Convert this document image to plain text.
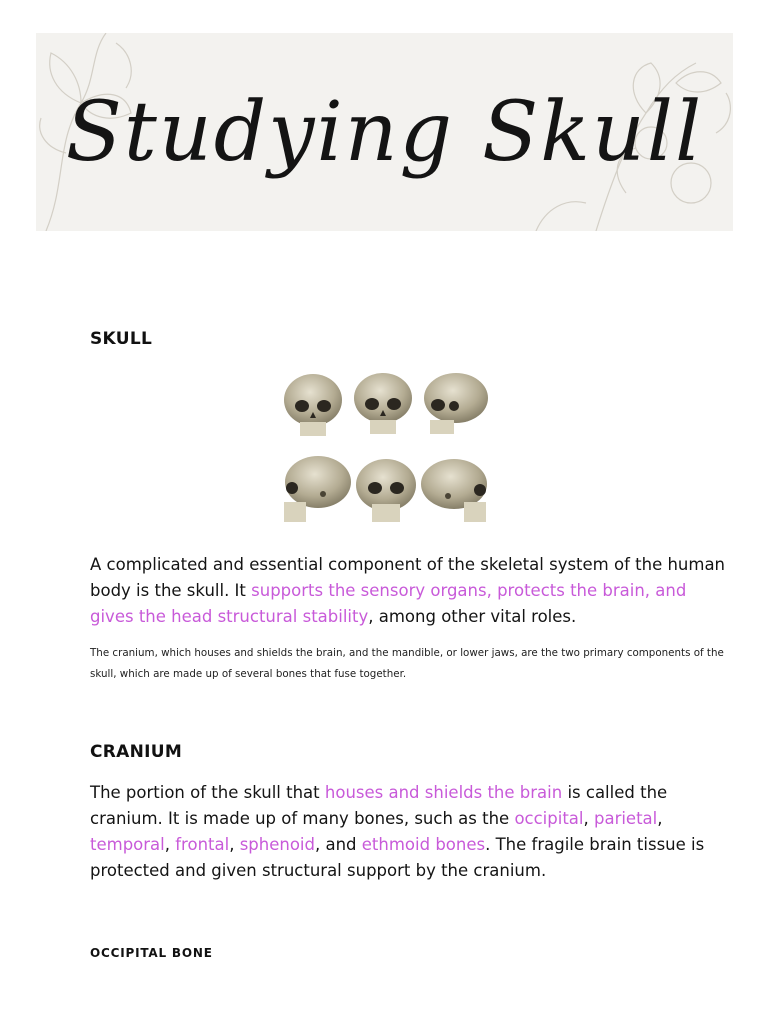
Studying Skull
SKULL
A complicated and essential component of the skeletal system of the human body is the skull. It supports the sensory organs, protects the brain, and gives the head structural stability, among other vital roles.
The cranium, which houses and shields the brain, and the mandible, or lower jaws, are the two primary components of the skull, which are made up of several bones that fuse together.
CRANIUM
The portion of the skull that houses and shields the brain is called the cranium. It is made up of many bones, such as the occipital, parietal, temporal, frontal, sphenoid, and ethmoid bones. The fragile brain tissue is protected and given structural support by the cranium.
OCCIPITAL BONE
